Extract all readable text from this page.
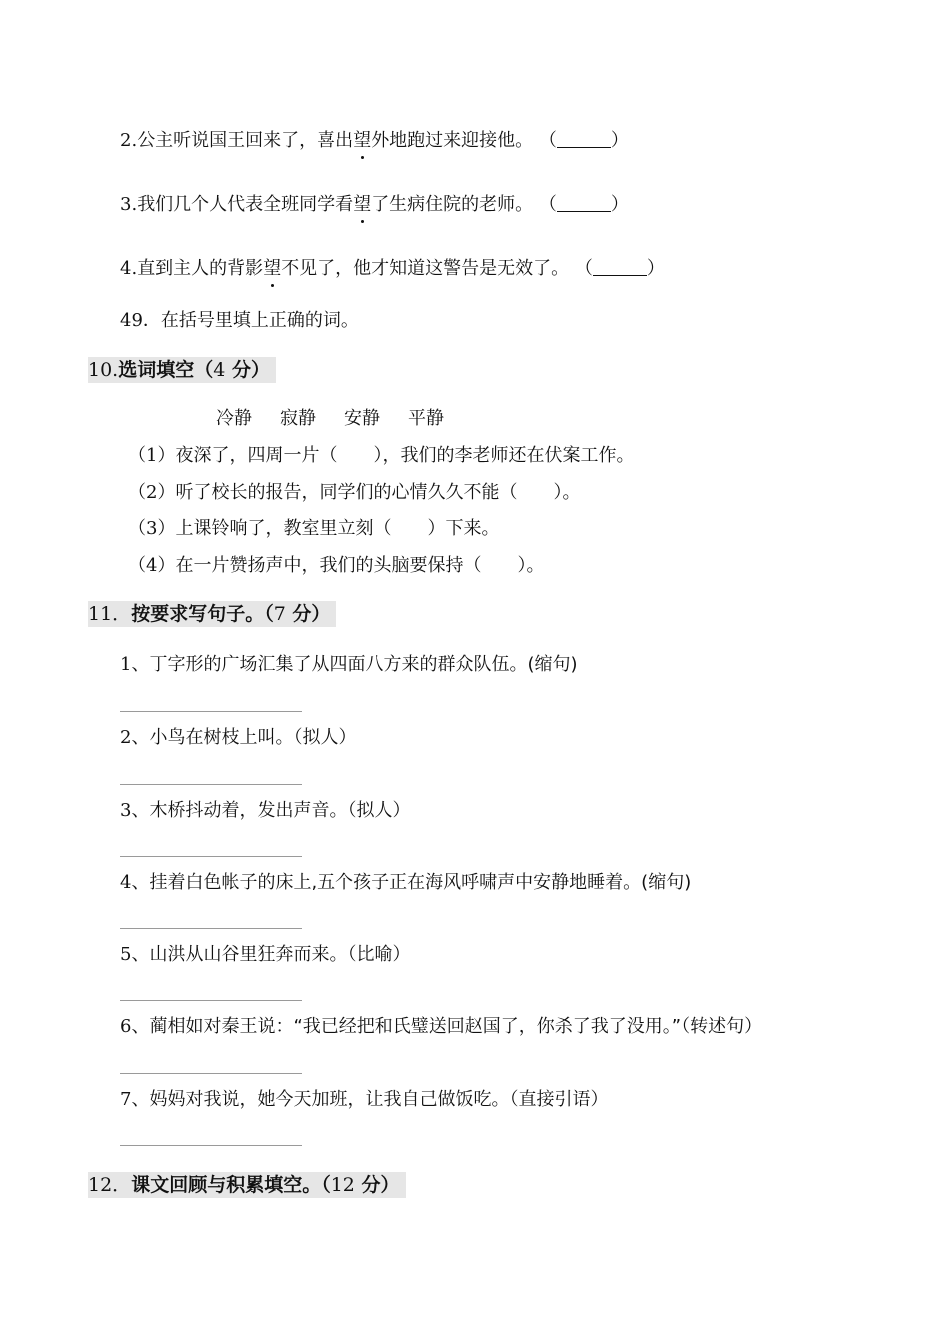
2.公主听说国王回来了，喜出望外地跑过来迎接他。 （	）
3.我们几个人代表全班同学看望了生病住院的老师。 （	）
4.直到主人的背影望不见了，他才知道这警告是无效了。 （	）
49．在括号里填上正确的词。
10.选词填空（4 分）
冷静 寂静 安静 平静
（1）夜深了，四周一片（　　），我们的李老师还在伏案工作。
（2）听了校长的报告，同学们的心情久久不能（　　）。
（3）上课铃响了，教室里立刻（　　）下来。
（4）在一片赞扬声中，我们的头脑要保持（　　）。
11．按要求写句子。（7 分）
1、丁字形的广场汇集了从四面八方来的群众队伍。(缩句)
2、小鸟在树枝上叫。（拟人）
3、木桥抖动着，发出声音。（拟人）
4、挂着白色帐子的床上,五个孩子正在海风呼啸声中安静地睡着。(缩句)
5、山洪从山谷里狂奔而来。（比喻）
6、蔺相如对秦王说：“我已经把和氏璧送回赵国了，你杀了我了没用。”（转述句）
7、妈妈对我说，她今天加班，让我自己做饭吃。（直接引语）
12．课文回顾与积累填空。（12 分）
